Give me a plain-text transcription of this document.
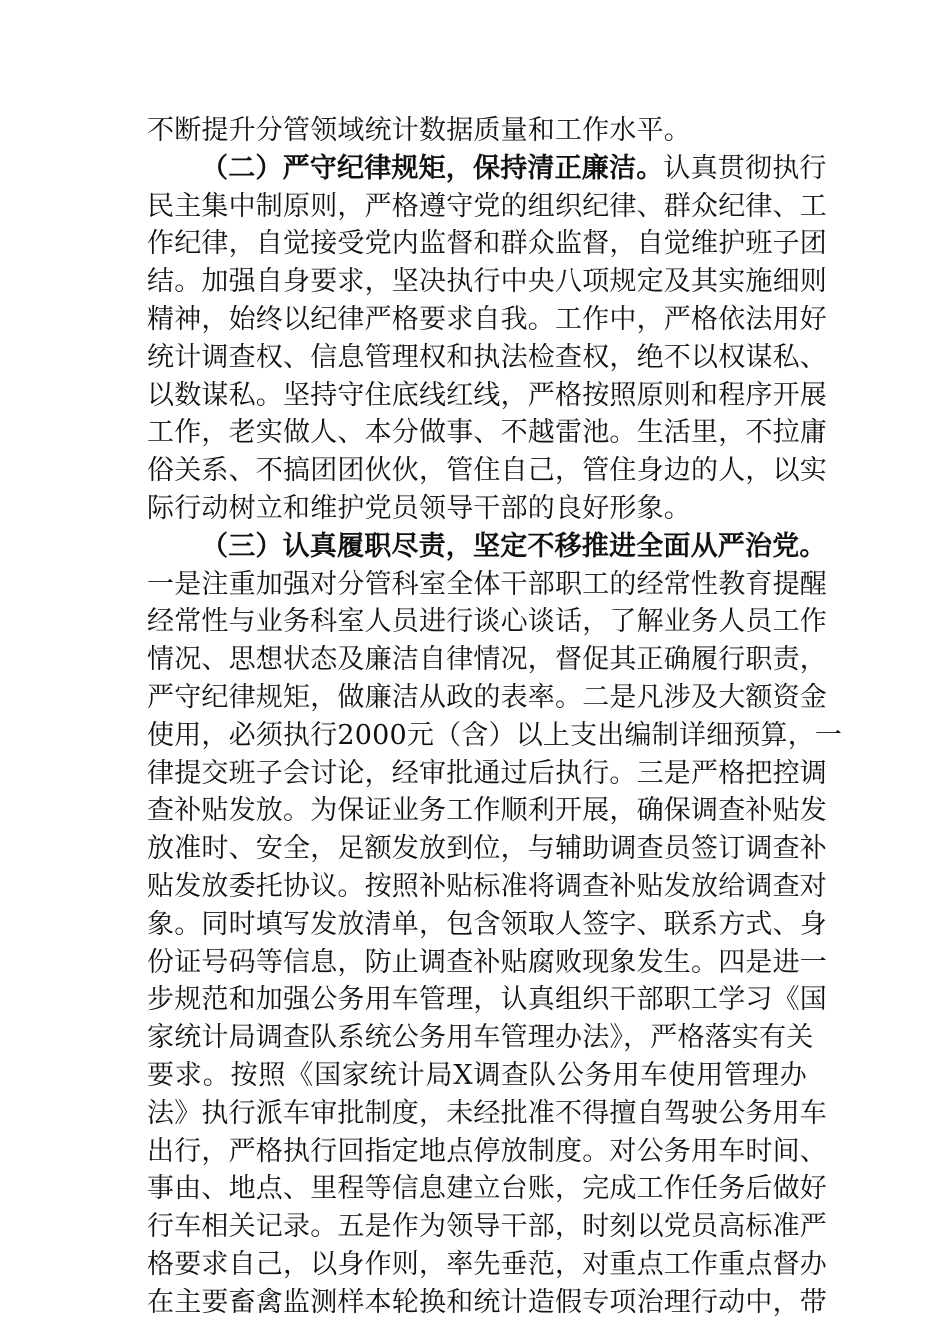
不断提升分管领域统计数据质量和工作水平。
（二）严守纪律规矩，保持清正廉洁。认真贯彻执行
民主集中制原则，严格遵守党的组织纪律、群众纪律、工
作纪律，自觉接受党内监督和群众监督，自觉维护班子团
结。加强自身要求，坚决执行中央八项规定及其实施细则
精神，始终以纪律严格要求自我。工作中，严格依法用好
统计调查权、信息管理权和执法检查权，绝不以权谋私、
以数谋私。坚持守住底线红线，严格按照原则和程序开展
工作，老实做人、本分做事、不越雷池。生活里，不拉庸
俗关系、不搞团团伙伙，管住自己，管住身边的人，以实
际行动树立和维护党员领导干部的良好形象。
（三）认真履职尽责，坚定不移推进全面从严治党。
一是注重加强对分管科室全体干部职工的经常性教育提醒
经常性与业务科室人员进行谈心谈话，了解业务人员工作
情况、思想状态及廉洁自律情况，督促其正确履行职责，
严守纪律规矩，做廉洁从政的表率。二是凡涉及大额资金
使用，必须执行2000元（含）以上支出编制详细预算，一
律提交班子会讨论，经审批通过后执行。三是严格把控调
查补贴发放。为保证业务工作顺利开展，确保调查补贴发
放准时、安全，足额发放到位，与辅助调查员签订调查补
贴发放委托协议。按照补贴标准将调查补贴发放给调查对
象。同时填写发放清单，包含领取人签字、联系方式、身
份证号码等信息，防止调查补贴腐败现象发生。四是进一
步规范和加强公务用车管理，认真组织干部职工学习《国
家统计局调查队系统公务用车管理办法》，严格落实有关
要求。按照《国家统计局X调查队公务用车使用管理办
法》执行派车审批制度，未经批准不得擅自驾驶公务用车
出行，严格执行回指定地点停放制度。对公务用车时间、
事由、地点、里程等信息建立台账，完成工作任务后做好
行车相关记录。五是作为领导干部，时刻以党员高标准严
格要求自己，以身作则，率先垂范，对重点工作重点督办
在主要畜禽监测样本轮换和统计造假专项治理行动中，带
